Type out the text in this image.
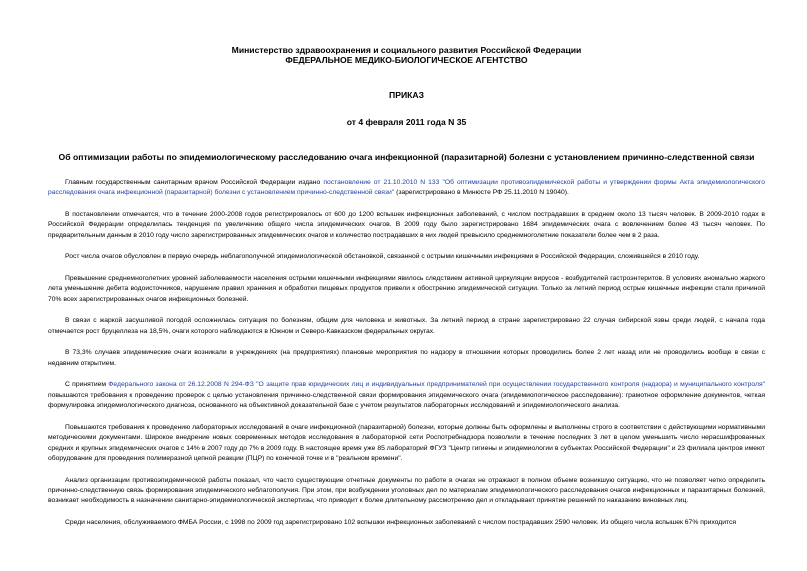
Министерство здравоохранения и социального развития Российской Федерации
ФЕДЕРАЛЬНОЕ МЕДИКО-БИОЛОГИЧЕСКОЕ АГЕНТСТВО
ПРИКАЗ
от 4 февраля 2011 года N 35
Об оптимизации работы по эпидемиологическому расследованию очага инфекционной (паразитарной) болезни с установлением причинно-следственной связи

Главным государственным санитарным врачом Российской Федерации издано постановление от 21.10.2010 N 133 "Об оптимизации противоэпидемической работы и утверждении формы Акта эпидемиологического расследования очага инфекционной (паразитарной) болезни с установлением причинно-следственной связи" (зарегистрировано в Минюсте РФ 25.11.2010 N 19040).

В постановлении отмечается, что в течение 2000-2008 годов регистрировалось от 600 до 1200 вспышек инфекционных заболеваний, с числом пострадавших в среднем около 13 тысяч человек. В 2009-2010 годах в Российской Федерации определилась тенденция по увеличению общего числа эпидемических очагов. В 2009 году было зарегистрировано 1684 эпидемических очага с вовлечением более 43 тысяч человек. По предварительным данным в 2010 году число зарегистрированных эпидемических очагов и количество пострадавших в них людей превысило среднемноголетние показатели более чем в 2 раза.

Рост числа очагов обусловлен в первую очередь неблагополучной эпидемиологической обстановкой, связанной с острыми кишечными инфекциями в Российской Федерации, сложившейся в 2010 году.

Превышение среднемноголетних уровней заболеваемости населения острыми кишечными инфекциями явилось следствием активной циркуляции вирусов - возбудителей гастроэнтеритов. В условиях аномально жаркого лета уменьшение дебита водоисточников, нарушение правил хранения и обработки пищевых продуктов привели к обострению эпидемической ситуации. Только за летний период острые кишечные инфекции стали причиной 70% всех зарегистрированных очагов инфекционных болезней.

В связи с жаркой засушливой погодой осложнилась ситуация по болезням, общим для человека и животных. За летний период в стране зарегистрировано 22 случая сибирской язвы среди людей, с начала года отмечается рост бруцеллеза на 18,5%, очаги которого наблюдаются в Южном и Северо-Кавказском федеральных округах.

В 73,3% случаев эпидемические очаги возникали в учреждениях (на предприятиях) плановые мероприятия по надзору в отношении которых проводились более 2 лет назад или не проводились вообще в связи с недавним открытием.

С принятием Федерального закона от 26.12.2008 N 294-ФЗ "О защите прав юридических лиц и индивидуальных предпринимателей при осуществлении государственного контроля (надзора) и муниципального контроля" повышаются требования к проведению проверок с целью установления причинно-следственной связи формирования эпидемического очага (эпидемиологическое расследование): грамотное оформление документов, четкая формулировка эпидемиологического диагноза, основанного на объективной доказательной базе с учетом результатов лабораторных исследований и эпидемиологического анализа.

Повышаются требования к проведению лабораторных исследований в очаге инфекционной (паразитарной) болезни, которые должны быть оформлены и выполнены строго в соответствии с действующими нормативными методическими документами. Широкое внедрение новых современных методов исследования в лабораторной сети Роспотребнадзора позволили в течение последних 3 лет в целом уменьшить число нерасшифрованных средних и крупных эпидемических очагов с 14% в 2007 году до 7% в 2009 году. В настоящее время уже 85 лабораторий ФГУЗ "Центр гигиены и эпидемиологии в субъектах Российской Федерации" и 23 филиала центров имеют оборудование для проведения полимеразной цепной реакции (ПЦР) по конечной точке и в "реальном времени".

Анализ организации противоэпидемической работы показал, что часто существующие отчетные документы по работе в очагах не отражают в полном объеме возникшую ситуацию, что не позволяет четко определить причинно-следственную связь формирования эпидемического неблагополучия. При этом, при возбуждении уголовных дел по материалам эпидемиологического расследования очагов инфекционных и паразитарных болезней, возникает необходимость в назначении санитарно-эпидемиологической экспертизы, что приводит к более длительному рассмотрению дел и откладывает принятие решений по наказанию виновных лиц.

Среди населения, обслуживаемого ФМБА России, с 1998 по 2009 год зарегистрировано 102 вспышки инфекционных заболеваний с числом пострадавших 2590 человек. Из общего числа вспышек 67% приходится
